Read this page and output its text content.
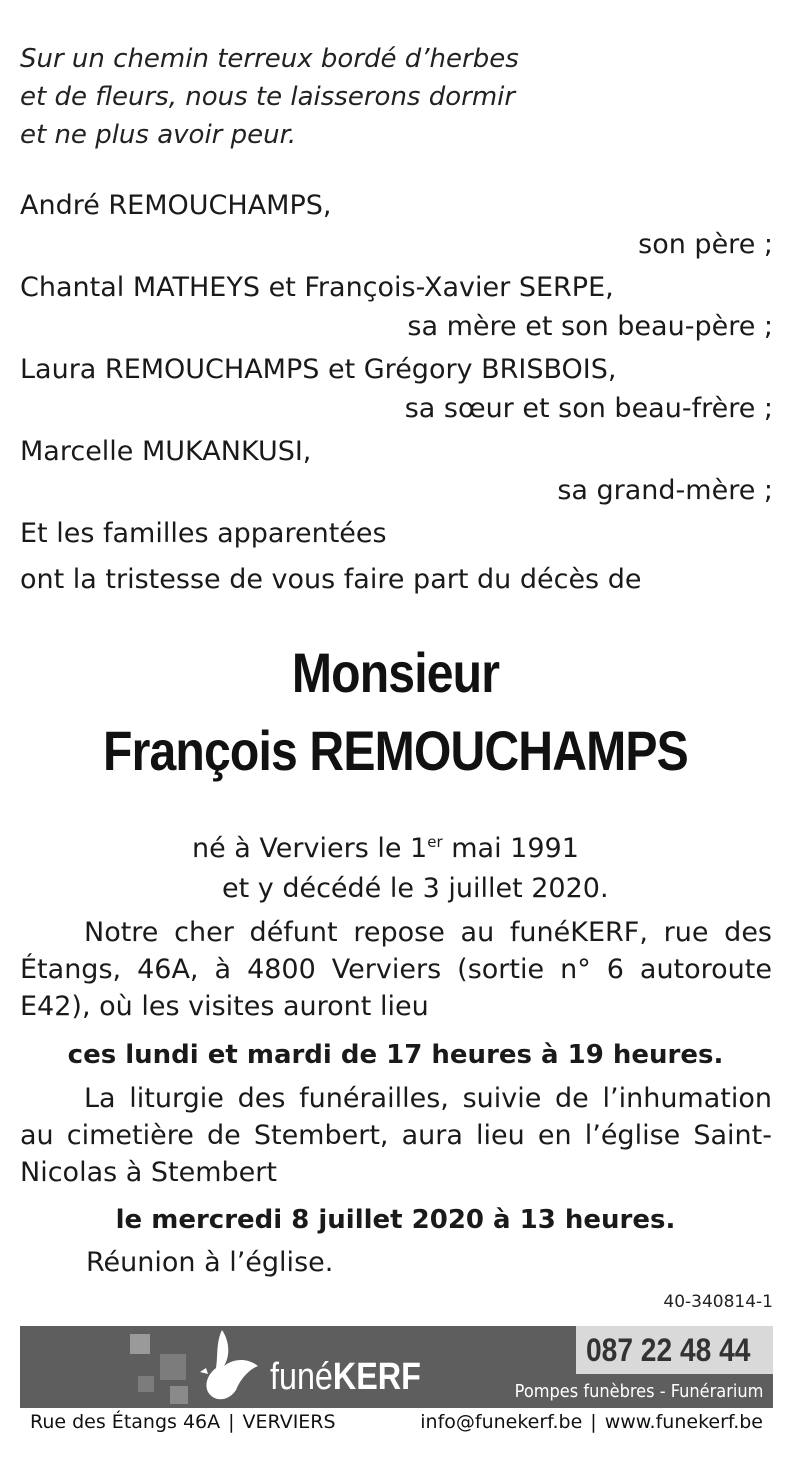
Sur un chemin terreux bordé d’herbes
et de fleurs, nous te laisserons dormir
et ne plus avoir peur.
André REMOUCHAMPS,
son père ;
Chantal MATHEYS et François-Xavier SERPE,
sa mère et son beau-père ;
Laura REMOUCHAMPS et Grégory BRISBOIS,
sa sœur et son beau-frère ;
Marcelle MUKANKUSI,
sa grand-mère ;
Et les familles apparentées
ont la tristesse de vous faire part du décès de
Monsieur
François REMOUCHAMPS
né à Verviers le 1er mai 1991
et y décédé le 3 juillet 2020.
Notre cher défunt repose au funéKERF, rue des Étangs, 46A, à 4800 Verviers (sortie n° 6 autoroute E42), où les visites auront lieu
ces lundi et mardi de 17 heures à 19 heures.
La liturgie des funérailles, suivie de l’inhumation au cimetière de Stembert, aura lieu en l’église Saint-Nicolas à Stembert
le mercredi 8 juillet 2020 à 13 heures.
Réunion à l’église.
40-340814-1
funéKERF
087 22 48 44
Pompes funèbres - Funérarium
Rue des Étangs 46A | VERVIERS	info@funekerf.be | www.funekerf.be
